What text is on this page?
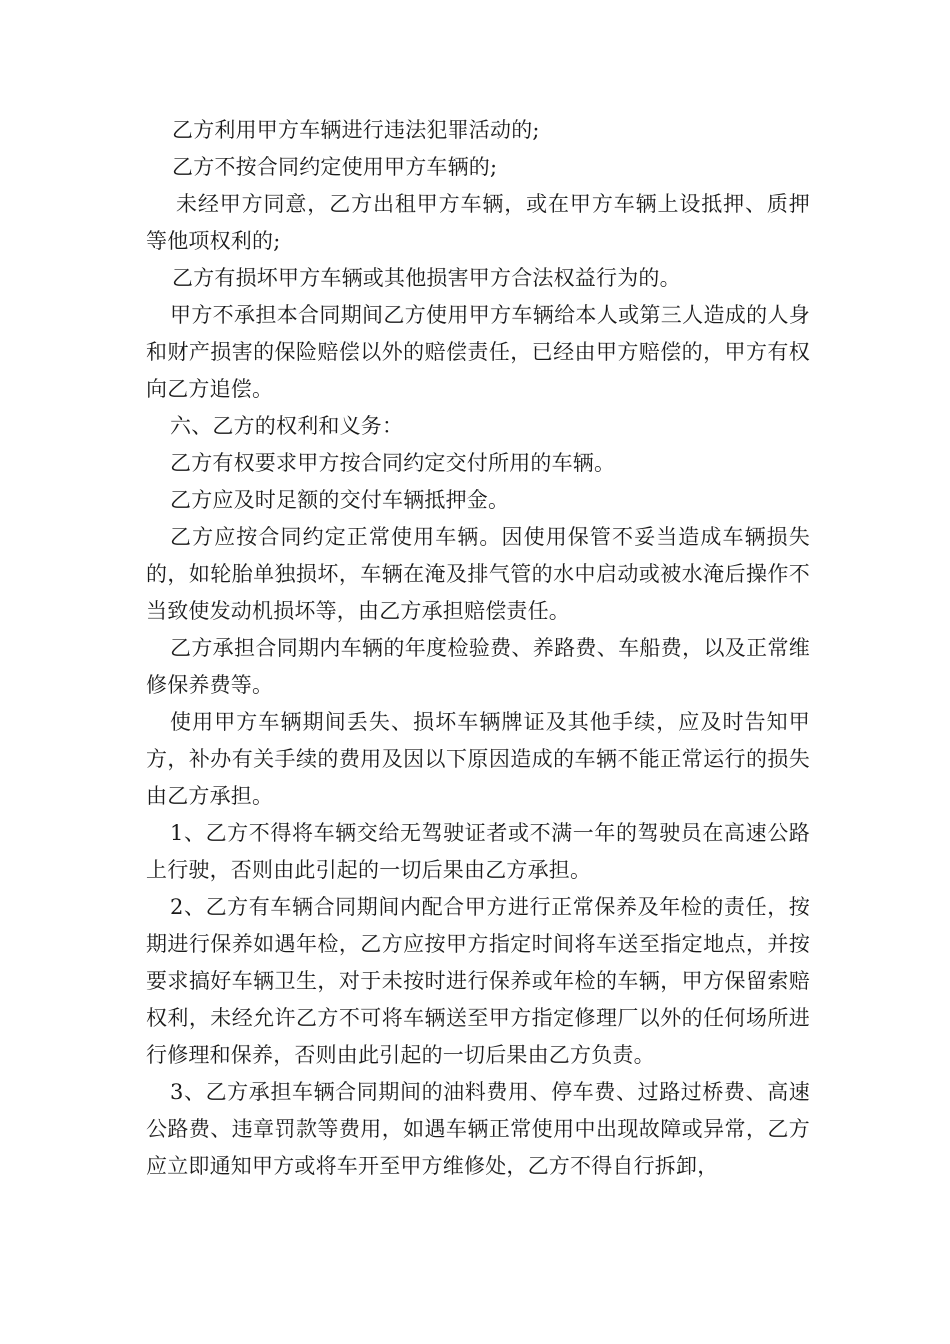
乙方利用甲方车辆进行违法犯罪活动的;

乙方不按合同约定使用甲方车辆的;

未经甲方同意，乙方出租甲方车辆，或在甲方车辆上设抵押、质押等他项权利的;

乙方有损坏甲方车辆或其他损害甲方合法权益行为的。

甲方不承担本合同期间乙方使用甲方车辆给本人或第三人造成的人身和财产损害的保险赔偿以外的赔偿责任，已经由甲方赔偿的，甲方有权向乙方追偿。

六、乙方的权利和义务：

乙方有权要求甲方按合同约定交付所用的车辆。

乙方应及时足额的交付车辆抵押金。

乙方应按合同约定正常使用车辆。因使用保管不妥当造成车辆损失的，如轮胎单独损坏，车辆在淹及排气管的水中启动或被水淹后操作不当致使发动机损坏等，由乙方承担赔偿责任。

乙方承担合同期内车辆的年度检验费、养路费、车船费，以及正常维修保养费等。

使用甲方车辆期间丢失、损坏车辆牌证及其他手续，应及时告知甲方，补办有关手续的费用及因以下原因造成的车辆不能正常运行的损失由乙方承担。

1、乙方不得将车辆交给无驾驶证者或不满一年的驾驶员在高速公路上行驶，否则由此引起的一切后果由乙方承担。

2、乙方有车辆合同期间内配合甲方进行正常保养及年检的责任，按期进行保养如遇年检，乙方应按甲方指定时间将车送至指定地点，并按要求搞好车辆卫生，对于未按时进行保养或年检的车辆，甲方保留索赔权利，未经允许乙方不可将车辆送至甲方指定修理厂以外的任何场所进行修理和保养，否则由此引起的一切后果由乙方负责。

3、乙方承担车辆合同期间的油料费用、停车费、过路过桥费、高速公路费、违章罚款等费用，如遇车辆正常使用中出现故障或异常，乙方应立即通知甲方或将车开至甲方维修处，乙方不得自行拆卸，
